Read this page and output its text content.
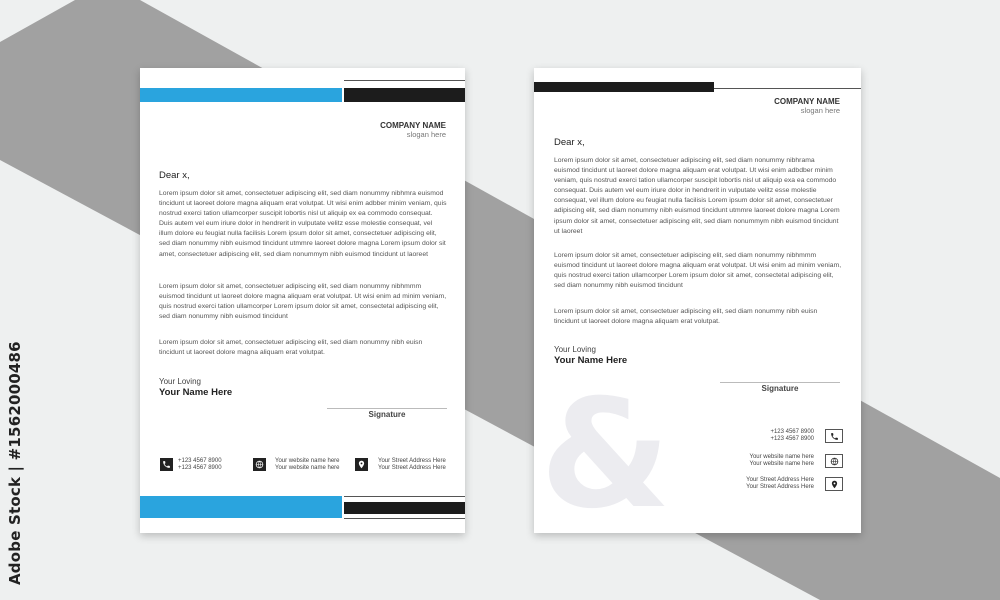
Adobe Stock | #1562000486
COMPANY NAME
slogan here
Dear x,

Lorem ipsum dolor sit amet, consectetuer adipiscing elit, sed diam nonummy nibhmra euismod tincidunt ut laoreet dolore magna aliquam erat volutpat. Ut wisi enim adbber minim veniam, quis nostrud exerci tation ullamcorper suscipit lobortis nisl ut aliquip ex ea commodo consequat. Duis autem vel eum iriure dolor in hendrerit in vulputate velitz esse molestie consequat, vel illum dolore eu feugiat nulla facilisis Lorem ipsum dolor sit amet, consectetuer adipiscing elit, sed diam nonummy nibh euismod tincidunt utmmre laoreet dolore magna Lorem ipsum dolor sit amet, consectetuer adipiscing elit, sed diam nonummym nibh euismod tincidunt ut laoreet

Lorem ipsum dolor sit amet, consectetuer adipiscing elit, sed diam nonummy nibhmmm euismod tincidunt ut laoreet dolore magna aliquam erat volutpat. Ut wisi enim ad minim veniam, quis nostrud exerci tation ullamcorper Lorem ipsum dolor sit amet, consectetal adipiscing elit, sed diam nonummy nibh euismod tincidunt

Lorem ipsum dolor sit amet, consectetuer adipiscing elit, sed diam nonummy nibh euisn tincidunt ut laoreet dolore magna aliquam erat volutpat.

Your Loving
Your Name Here
Signature
+123 4567 8900
+123 4567 8900
Your website name here
Your website name here
Your Street Address Here
Your Street Address Here
COMPANY NAME
slogan here
&
Dear x,

Lorem ipsum dolor sit amet, consectetuer adipiscing elit, sed diam nonummy nibhrama euismod tincidunt ut laoreet dolore magna aliquam erat volutpat. Ut wisi enim adbdber minim veniam, quis nostrud exerci tation ullamcorper suscipit lobortis nisl ut aliquip exa ea commodo consequat. Duis autem vel eum iriure dolor in hendrerit in vulputate velitz esse molestie consequat, vel illum dolore eu feugiat nulla facilisis Lorem ipsum dolor sit amet, consectetuer adipiscing elit, sed diam nonummy nibh euismod tincidunt utmmre laoreet dolore magna Lorem ipsum dolor sit amet, consectetuer adipiscing elit, sed diam nonummym nibh euismod tincidunt ut laoreet

Lorem ipsum dolor sit amet, consectetuer adipiscing elit, sed diam nonummy nibhmmm euismod tincidunt ut laoreet dolore magna aliquam erat volutpat. Ut wisi enim ad minim veniam, quis nostrud exerci tation ullamcorper Lorem ipsum dolor sit amet, consectetal adipiscing elit, sed diam nonummy nibh euismod tincidunt

Lorem ipsum dolor sit amet, consectetuer adipiscing elit, sed diam nonummy nibh euisn tincidunt ut laoreet dolore magna aliquam erat volutpat.

Your Loving
Your Name Here
Signature
+123 4567 8900
+123 4567 8900
Your website name here
Your website name here
Your Street Address Here
Your Street Address Here
